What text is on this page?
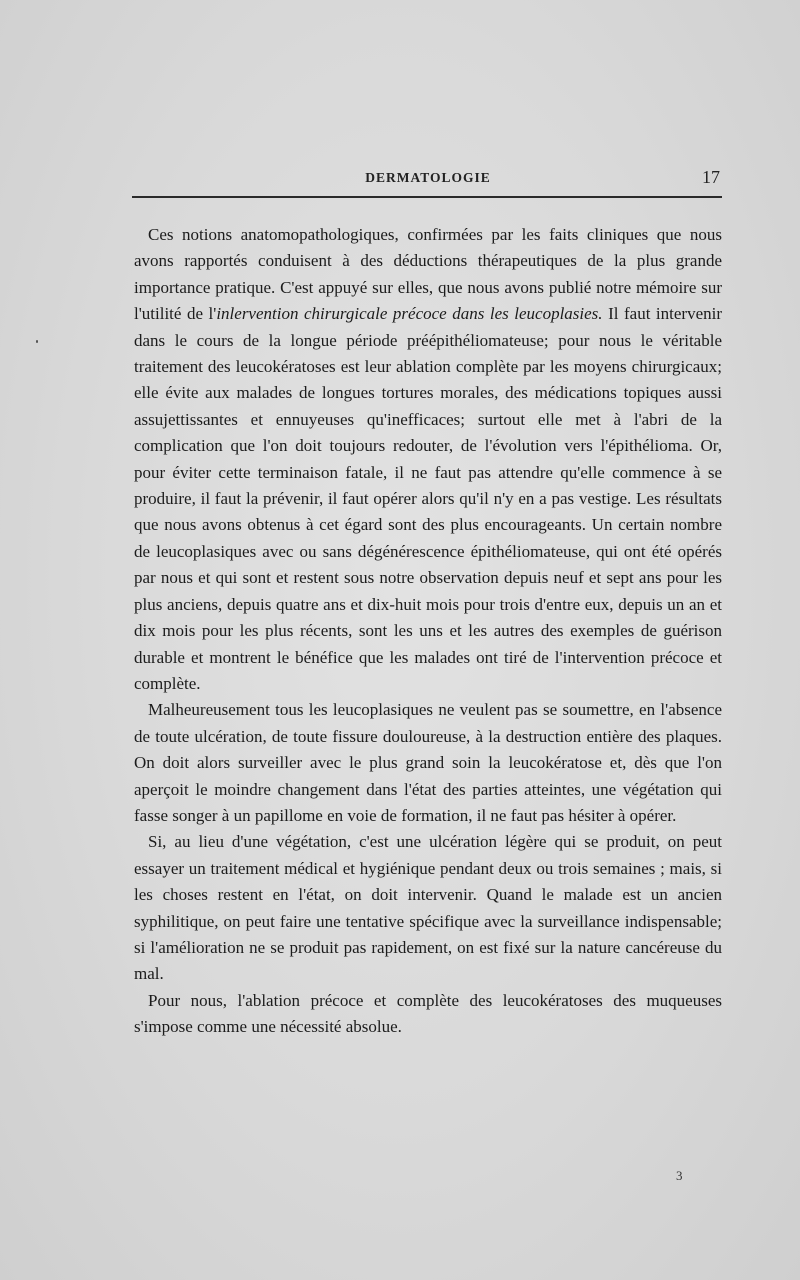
DERMATOLOGIE	17

Ces notions anatomopathologiques, confirmées par les faits cliniques que nous avons rapportés conduisent à des déductions thérapeutiques de la plus grande importance pratique. C'est appuyé sur elles, que nous avons publié notre mémoire sur l'utilité de l'inlervention chirurgicale précoce dans les leucoplasies. Il faut intervenir dans le cours de la longue période préépithéliomateuse; pour nous le véritable traitement des leucokératoses est leur ablation complète par les moyens chirurgicaux; elle évite aux malades de longues tortures morales, des médications topiques aussi assujettissantes et ennuyeuses qu'inefficaces; surtout elle met à l'abri de la complication que l'on doit toujours redouter, de l'évolution vers l'épithélioma. Or, pour éviter cette terminaison fatale, il ne faut pas attendre qu'elle commence à se produire, il faut la prévenir, il faut opérer alors qu'il n'y en a pas vestige. Les résultats que nous avons obtenus à cet égard sont des plus encourageants. Un certain nombre de leucoplasiques avec ou sans dégénérescence épithéliomateuse, qui ont été opérés par nous et qui sont et restent sous notre observation depuis neuf et sept ans pour les plus anciens, depuis quatre ans et dix-huit mois pour trois d'entre eux, depuis un an et dix mois pour les plus récents, sont les uns et les autres des exemples de guérison durable et montrent le bénéfice que les malades ont tiré de l'intervention précoce et complète.

Malheureusement tous les leucoplasiques ne veulent pas se soumettre, en l'absence de toute ulcération, de toute fissure douloureuse, à la destruction entière des plaques. On doit alors surveiller avec le plus grand soin la leucokératose et, dès que l'on aperçoit le moindre changement dans l'état des parties atteintes, une végétation qui fasse songer à un papillome en voie de formation, il ne faut pas hésiter à opérer.

Si, au lieu d'une végétation, c'est une ulcération légère qui se produit, on peut essayer un traitement médical et hygiénique pendant deux ou trois semaines ; mais, si les choses restent en l'état, on doit intervenir. Quand le malade est un ancien syphilitique, on peut faire une tentative spécifique avec la surveillance indispensable; si l'amélioration ne se produit pas rapidement, on est fixé sur la nature cancéreuse du mal.

Pour nous, l'ablation précoce et complète des leucokératoses des muqueuses s'impose comme une nécessité absolue.

3
